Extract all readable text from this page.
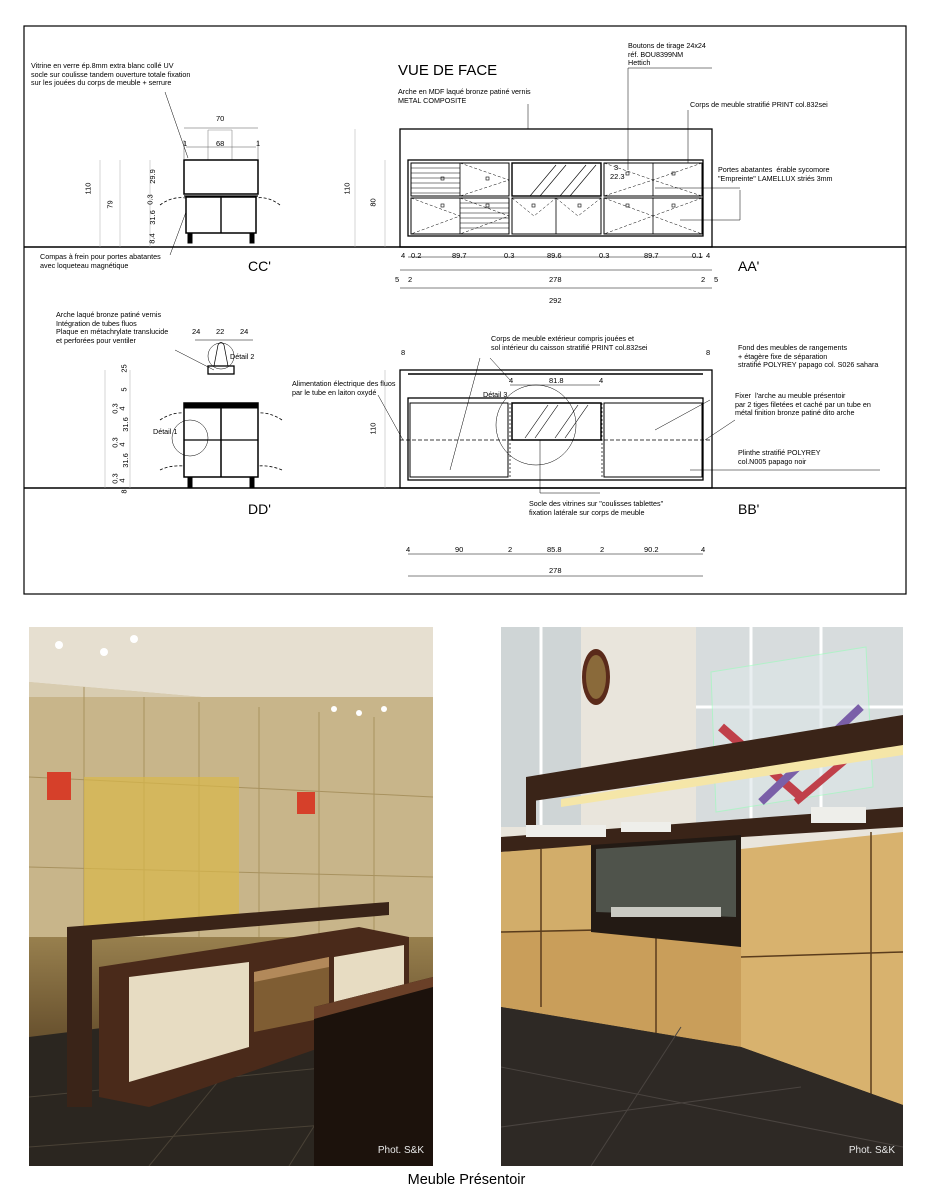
VUE DE FACE
CC'	AA'
DD'	BB'
Vitrine en verre ép.8mm extra blanc collé UV
socle sur coulisse tandem ouverture totale fixation
sur les jouées du corps de meuble + serrure
Arche en MDF laqué bronze patiné vernis
METAL COMPOSITE
Boutons de tirage 24x24
réf. BOU8399NM
Hettich
Corps de meuble stratifié PRINT col.832sei
Portes abatantes  érable sycomore
"Empreinte" LAMELLUX striés 3mm
Compas à frein pour portes abatantes
avec loqueteau magnétique
Arche laqué bronze patiné vernis
Intégration de tubes fluos
Plaque en métachrylate translucide
et perforées pour ventiler	Corps de meuble extérieur compris jouées et
sol intérieur du caisson stratifié PRINT col.832sei
Alimentation électrique des fluos
par le tube en laiton oxydé
Fond des meubles de rangements
+ étagère fixe de séparation
stratifié POLYREY papago col. S026 sahara
Fixer  l'arche au meuble présentoir
par 2 tiges filetées et caché par un tube en
métal finition bronze patiné dito arche
Plinthe stratifié POLYREY
col.N005 papago noir
Socle des vitrines sur "coulisses tablettes"
fixation latérale sur corps de meuble
Détail 1
Détail 2
Détail 3
70
68
1	1
110
79
29.9
0.3
31.6
8.4
110
80
22.3
3
4 0.2	89.7	0.3	89.6	0.3	89.7	0.1 4
5 2	278	2 5
292
24 22 24
25
5
0.3
4
31.6
0.3
4
31.6
0.3
4
8
110
8	8
4	81.8	4
4	90	2	85.8	2	90.2	4
278
Phot. S&K	Phot. S&K
Meuble Présentoir
